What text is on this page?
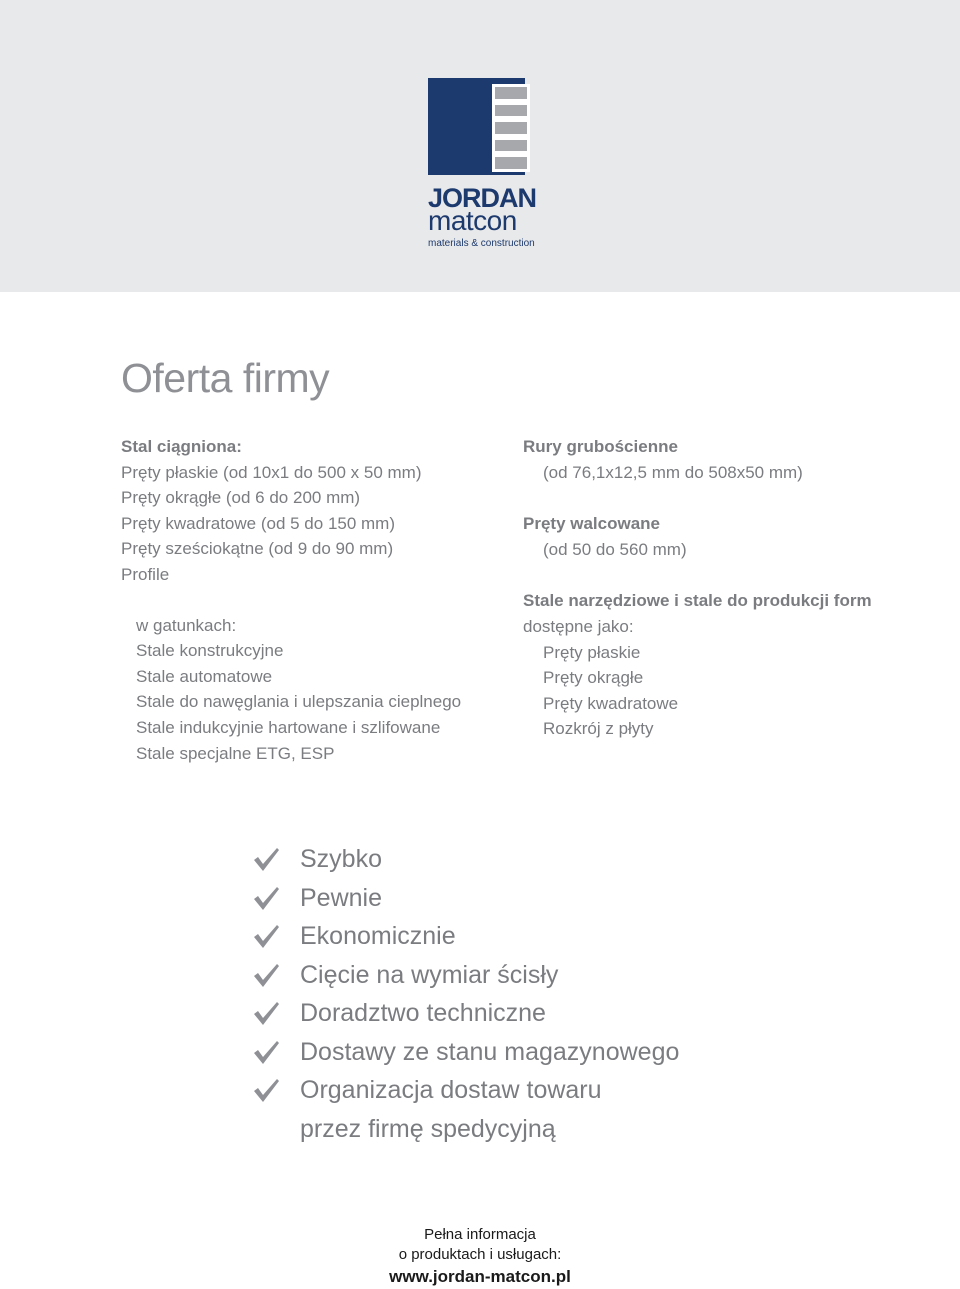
JORDAN
matcon
materials & construction
Oferta firmy
Stal ciągniona:
Pręty płaskie (od 10x1 do 500 x 50 mm)
Pręty okrągłe (od 6 do 200 mm)
Pręty kwadratowe (od 5 do 150 mm)
Pręty sześciokątne (od 9 do 90 mm)
Profile
w gatunkach:
Stale konstrukcyjne
Stale automatowe
Stale do nawęglania i ulepszania cieplnego
Stale indukcyjnie hartowane i szlifowane
Stale specjalne ETG, ESP
Rury grubościenne
(od 76,1x12,5 mm do 508x50 mm)
Pręty walcowane
(od 50 do 560 mm)
Stale narzędziowe i stale do produkcji form
dostępne jako:
Pręty płaskie
Pręty okrągłe
Pręty kwadratowe
Rozkrój z płyty
Szybko
Pewnie
Ekonomicznie
Cięcie na wymiar ścisły
Doradztwo techniczne
Dostawy ze stanu magazynowego
Organizacja dostaw towaru
przez firmę spedycyjną
Pełna informacja
o produktach i usługach:
www.jordan-matcon.pl
